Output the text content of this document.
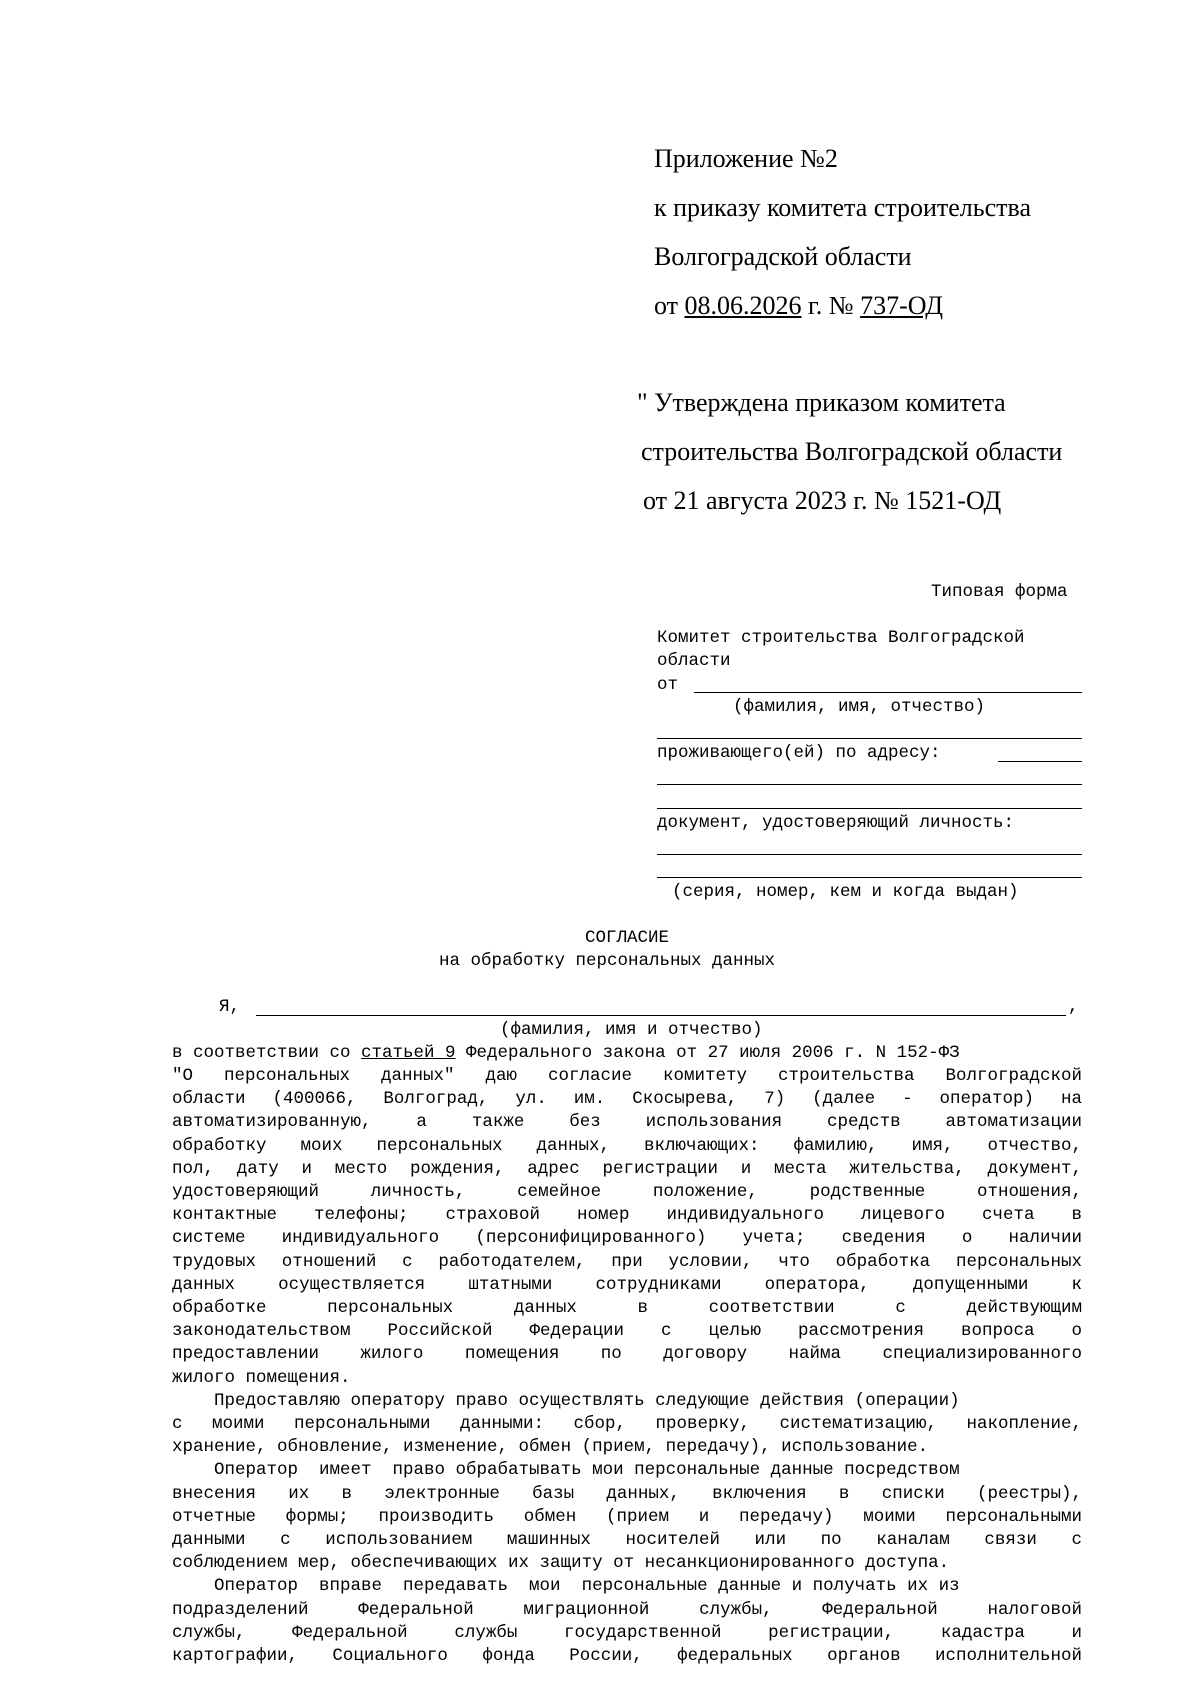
Приложение №2
к приказу комитета строительства
Волгоградской области
от 08.06.2026 г. № 737-ОД
" Утверждена приказом комитета
строительства Волгоградской области
от 21 августа 2023 г. № 1521-ОД
Типовая форма
Комитет строительства Волгоградской
области
от
(фамилия, имя, отчество)
проживающего(ей) по адресу:
документ, удостоверяющий личность:
(серия, номер, кем и когда выдан)
СОГЛАСИЕ
на обработку персональных данных
Я,	,
(фамилия, имя и отчество)
в соответствии со статьей 9 Федерального закона от 27 июля 2006 г. N 152-ФЗ
"О персональных данных" даю согласие комитету строительства Волгоградской
области (400066, Волгоград, ул. им. Скосырева, 7) (далее - оператор) на
автоматизированную, а также без использования средств автоматизации
обработку моих персональных данных, включающих: фамилию, имя, отчество,
пол, дату и место рождения, адрес регистрации и места жительства, документ,
удостоверяющий личность, семейное положение, родственные отношения,
контактные телефоны; страховой номер индивидуального лицевого счета в
системе индивидуального (персонифицированного) учета; сведения о наличии
трудовых отношений с работодателем, при условии, что обработка персональных
данных осуществляется штатными сотрудниками оператора, допущенными к
обработке персональных данных в соответствии с действующим
законодательством Российской Федерации с целью рассмотрения вопроса о
предоставлении жилого помещения по договору найма специализированного
жилого помещения.
Предоставляю оператору право осуществлять следующие действия (операции)
с моими персональными данными: сбор, проверку, систематизацию, накопление,
хранение, обновление, изменение, обмен (прием, передачу), использование.
Оператор  имеет  право обрабатывать мои персональные данные посредством
внесения их в электронные базы данных, включения в списки (реестры),
отчетные формы; производить обмен (прием и передачу) моими персональными
данными с использованием машинных носителей или по каналам связи с
соблюдением мер, обеспечивающих их защиту от несанкционированного доступа.
Оператор  вправе  передавать  мои  персональные данные и получать их из
подразделений Федеральной миграционной службы, Федеральной налоговой
службы, Федеральной службы государственной регистрации, кадастра и
картографии, Социального фонда России, федеральных органов исполнительной
